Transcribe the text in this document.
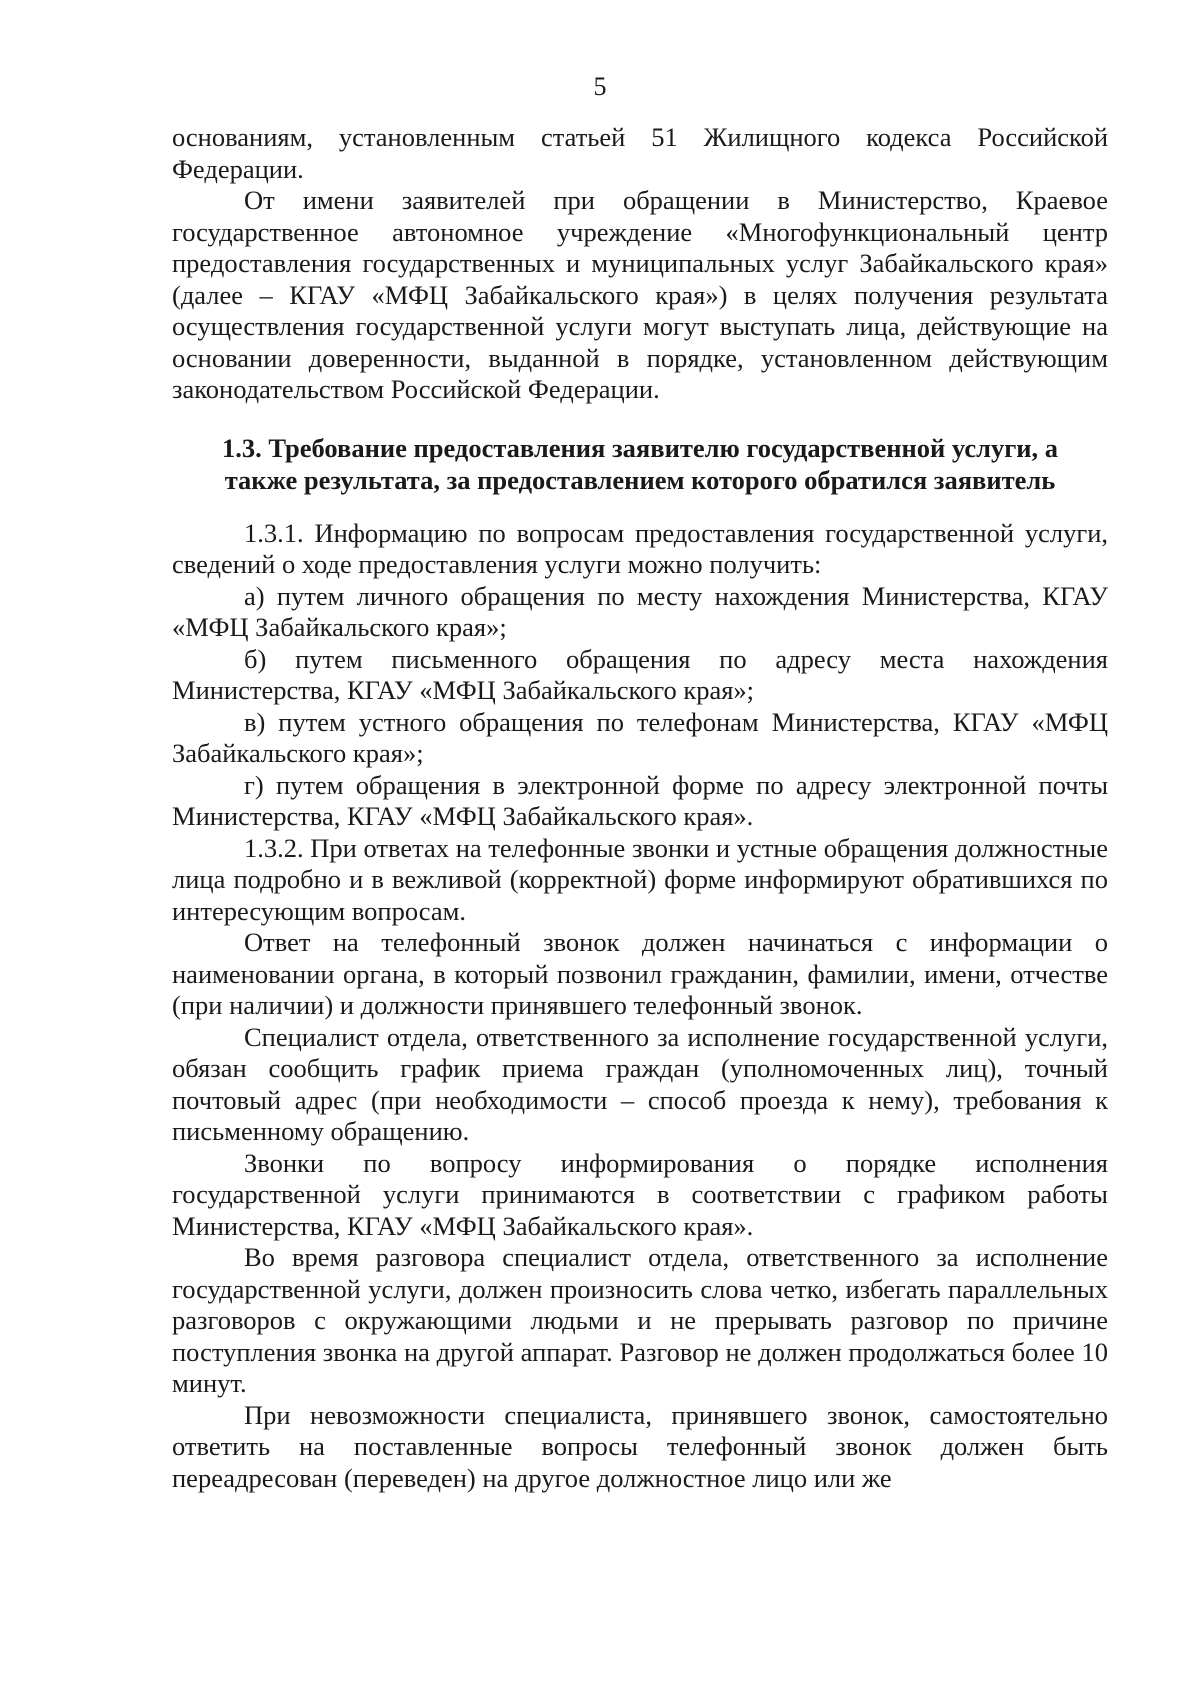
5

основаниям, установленным статьей 51 Жилищного кодекса Российской Федерации.

От имени заявителей при обращении в Министерство, Краевое государственное автономное учреждение «Многофункциональный центр предоставления государственных и муниципальных услуг Забайкальского края» (далее – КГАУ «МФЦ Забайкальского края») в целях получения результата осуществления государственной услуги могут выступать лица, действующие на основании доверенности, выданной в порядке, установленном действующим законодательством Российской Федерации.

1.3. Требование предоставления заявителю государственной услуги, а также результата, за предоставлением которого обратился заявитель

1.3.1. Информацию по вопросам предоставления государственной услуги, сведений о ходе предоставления услуги можно получить:

а) путем личного обращения по месту нахождения Министерства, КГАУ «МФЦ Забайкальского края»;

б) путем письменного обращения по адресу места нахождения Министерства, КГАУ «МФЦ Забайкальского края»;

в) путем устного обращения по телефонам Министерства, КГАУ «МФЦ Забайкальского края»;

г) путем обращения в электронной форме по адресу электронной почты Министерства, КГАУ «МФЦ Забайкальского края».

1.3.2. При ответах на телефонные звонки и устные обращения должностные лица подробно и в вежливой (корректной) форме информируют обратившихся по интересующим вопросам.

Ответ на телефонный звонок должен начинаться с информации о наименовании органа, в который позвонил гражданин, фамилии, имени, отчестве (при наличии) и должности принявшего телефонный звонок.

Специалист отдела, ответственного за исполнение государственной услуги, обязан сообщить график приема граждан (уполномоченных лиц), точный почтовый адрес (при необходимости – способ проезда к нему), требования к письменному обращению.

Звонки по вопросу информирования о порядке исполнения государственной услуги принимаются в соответствии с графиком работы Министерства, КГАУ «МФЦ Забайкальского края».

Во время разговора специалист отдела, ответственного за исполнение государственной услуги, должен произносить слова четко, избегать параллельных разговоров с окружающими людьми и не прерывать разговор по причине поступления звонка на другой аппарат. Разговор не должен продолжаться более 10 минут.

При невозможности специалиста, принявшего звонок, самостоятельно ответить на поставленные вопросы телефонный звонок должен быть переадресован (переведен) на другое должностное лицо или же
